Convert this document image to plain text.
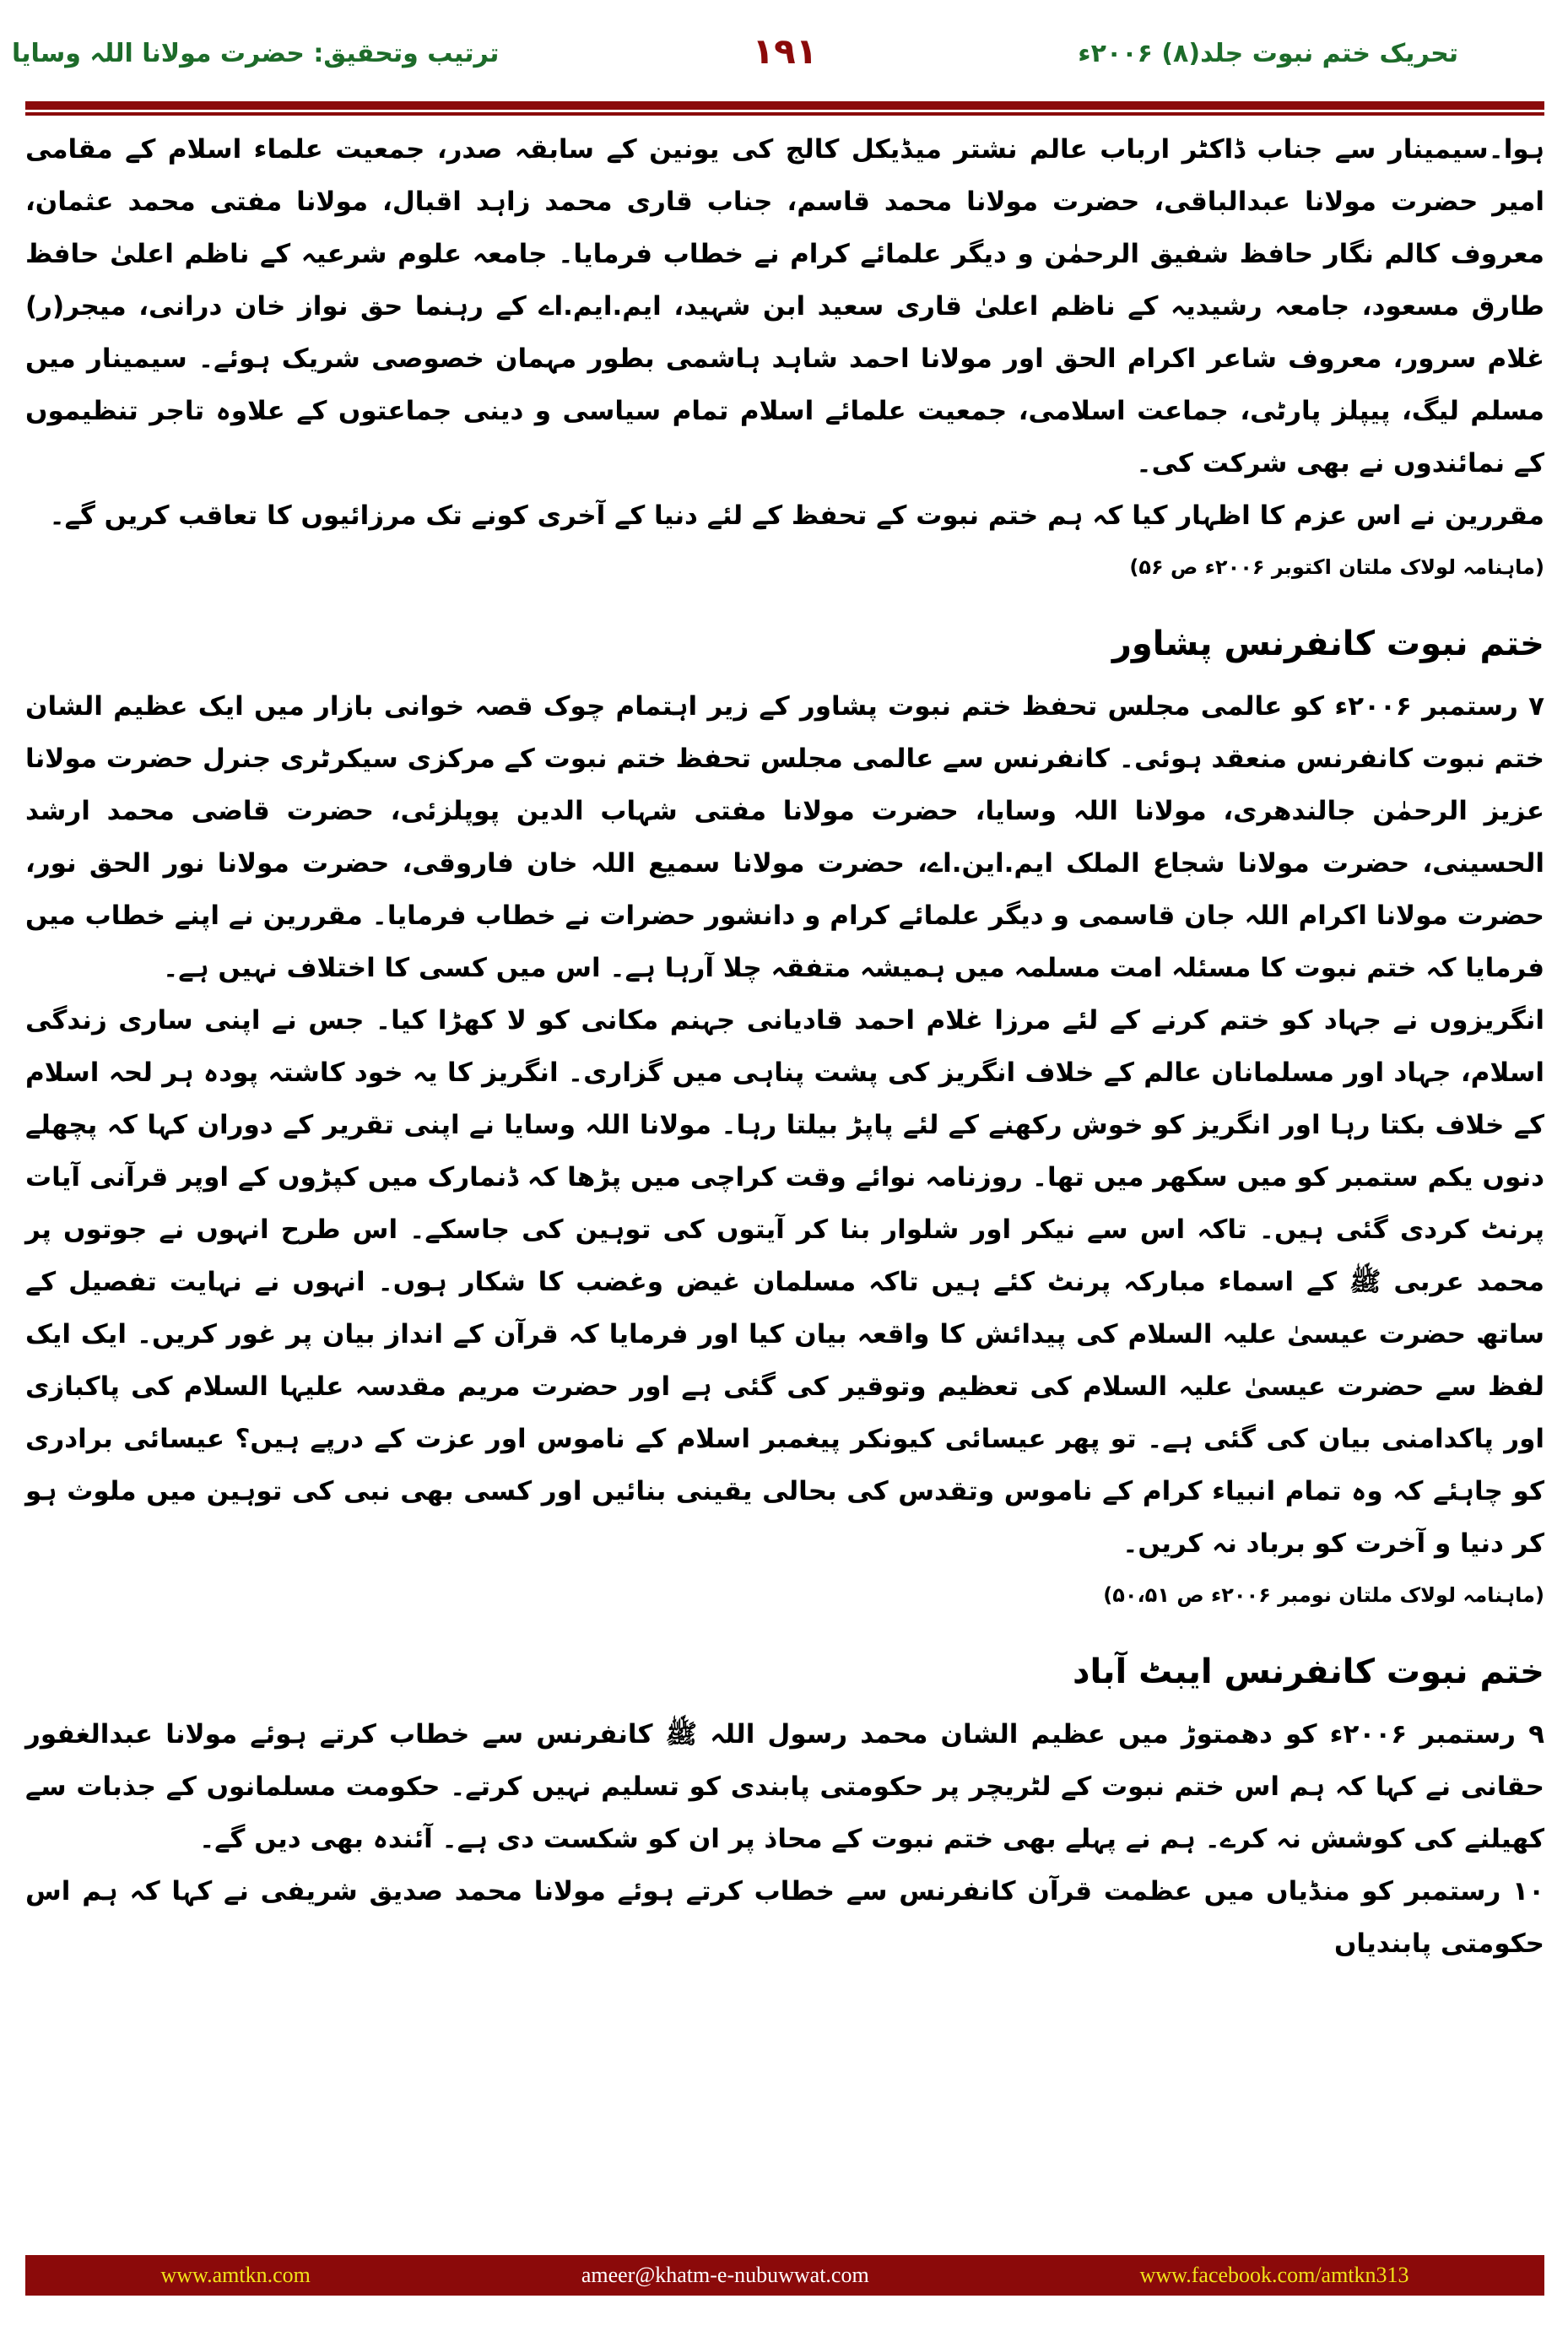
تحریک ختم نبوت جلد(۸) ۲۰۰۶ء
۱۹۱
ترتیب وتحقیق: حضرت مولانا اللہ وسایا

ہوا۔سیمینار سے جناب ڈاکٹر ارباب عالم نشتر میڈیکل کالج کی یونین کے سابقہ صدر، جمعیت علماء اسلام کے مقامی امیر حضرت مولانا عبدالباقی، حضرت مولانا محمد قاسم، جناب قاری محمد زاہد اقبال، مولانا مفتی محمد عثمان، معروف کالم نگار حافظ شفیق الرحمٰن و دیگر علمائے کرام نے خطاب فرمایا۔ جامعہ علوم شرعیہ کے ناظم اعلیٰ حافظ طارق مسعود، جامعہ رشیدیہ کے ناظم اعلیٰ قاری سعید ابن شہید، ایم.ایم.اے کے رہنما حق نواز خان درانی، میجر(ر) غلام سرور، معروف شاعر اکرام الحق اور مولانا احمد شاہد ہاشمی بطور مہمان خصوصی شریک ہوئے۔ سیمینار میں مسلم لیگ، پیپلز پارٹی، جماعت اسلامی، جمعیت علمائے اسلام تمام سیاسی و دینی جماعتوں کے علاوہ تاجر تنظیموں کے نمائندوں نے بھی شرکت کی۔

مقررین نے اس عزم کا اظہار کیا کہ ہم ختم نبوت کے تحفظ کے لئے دنیا کے آخری کونے تک مرزائیوں کا تعاقب کریں گے۔

(ماہنامہ لولاک ملتان اکتوبر ۲۰۰۶ء ص ۵۶)

ختم نبوت کانفرنس پشاور

۷ رستمبر ۲۰۰۶ء کو عالمی مجلس تحفظ ختم نبوت پشاور کے زیر اہتمام چوک قصہ خوانی بازار میں ایک عظیم الشان ختم نبوت کانفرنس منعقد ہوئی۔ کانفرنس سے عالمی مجلس تحفظ ختم نبوت کے مرکزی سیکرٹری جنرل حضرت مولانا عزیز الرحمٰن جالندھری، مولانا اللہ وسایا، حضرت مولانا مفتی شہاب الدین پوپلزئی، حضرت قاضی محمد ارشد الحسینی، حضرت مولانا شجاع الملک ایم.این.اے، حضرت مولانا سمیع اللہ خان فاروقی، حضرت مولانا نور الحق نور، حضرت مولانا اکرام اللہ جان قاسمی و دیگر علمائے کرام و دانشور حضرات نے خطاب فرمایا۔ مقررین نے اپنے خطاب میں فرمایا کہ ختم نبوت کا مسئلہ امت مسلمہ میں ہمیشہ متفقہ چلا آرہا ہے۔ اس میں کسی کا اختلاف نہیں ہے۔

انگریزوں نے جہاد کو ختم کرنے کے لئے مرزا غلام احمد قادیانی جہنم مکانی کو لا کھڑا کیا۔ جس نے اپنی ساری زندگی اسلام، جہاد اور مسلمانان عالم کے خلاف انگریز کی پشت پناہی میں گزاری۔ انگریز کا یہ خود کاشتہ پودہ ہر لحہ اسلام کے خلاف بکتا رہا اور انگریز کو خوش رکھنے کے لئے پاپڑ بیلتا رہا۔ مولانا اللہ وسایا نے اپنی تقریر کے دوران کہا کہ پچھلے دنوں یکم ستمبر کو میں سکھر میں تھا۔ روزنامہ نوائے وقت کراچی میں پڑھا کہ ڈنمارک میں کپڑوں کے اوپر قرآنی آیات پرنٹ کردی گئی ہیں۔ تاکہ اس سے نیکر اور شلوار بنا کر آیتوں کی توہین کی جاسکے۔ اس طرح انہوں نے جوتوں پر محمد عربی ﷺ کے اسماء مبارکہ پرنٹ کئے ہیں تاکہ مسلمان غیض وغضب کا شکار ہوں۔ انہوں نے نہایت تفصیل کے ساتھ حضرت عیسیٰ علیہ السلام کی پیدائش کا واقعہ بیان کیا اور فرمایا کہ قرآن کے انداز بیان پر غور کریں۔ ایک ایک لفظ سے حضرت عیسیٰ علیہ السلام کی تعظیم وتوقیر کی گئی ہے اور حضرت مریم مقدسہ علیہا السلام کی پاکبازی اور پاکدامنی بیان کی گئی ہے۔ تو پھر عیسائی کیونکر پیغمبر اسلام کے ناموس اور عزت کے درپے ہیں؟ عیسائی برادری کو چاہئے کہ وہ تمام انبیاء کرام کے ناموس وتقدس کی بحالی یقینی بنائیں اور کسی بھی نبی کی توہین میں ملوث ہو کر دنیا و آخرت کو برباد نہ کریں۔

(ماہنامہ لولاک ملتان نومبر ۲۰۰۶ء ص ۵۰،۵۱)

ختم نبوت کانفرنس ایبٹ آباد

۹ رستمبر ۲۰۰۶ء کو دھمتوڑ میں عظیم الشان محمد رسول اللہ ﷺ کانفرنس سے خطاب کرتے ہوئے مولانا عبدالغفور حقانی نے کہا کہ ہم اس ختم نبوت کے لٹریچر پر حکومتی پابندی کو تسلیم نہیں کرتے۔ حکومت مسلمانوں کے جذبات سے کھیلنے کی کوشش نہ کرے۔ ہم نے پہلے بھی ختم نبوت کے محاذ پر ان کو شکست دی ہے۔ آئندہ بھی دیں گے۔

۱۰ رستمبر کو منڈیاں میں عظمت قرآن کانفرنس سے خطاب کرتے ہوئے مولانا محمد صدیق شریفی نے کہا کہ ہم اس حکومتی پابندیاں

www.amtkn.com	ameer@khatm-e-nubuwwat.com	www.facebook.com/amtkn313
